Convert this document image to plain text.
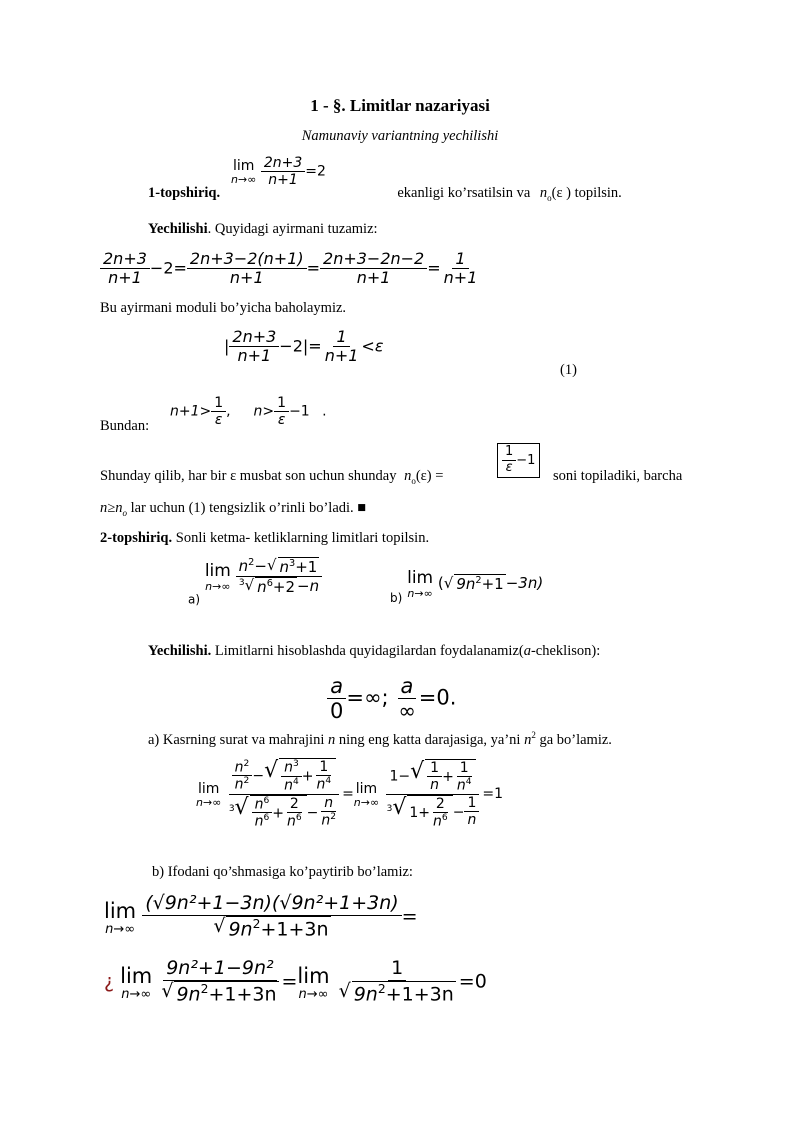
1 - §. Limitlar nazariyasi
Namunaviy variantning yechilishi
lim
n→∞
$\frac{2n+3}{n+1} =2$
1-topshiriq.	ekanligi ko’rsatilsin va $n_o(\varepsilon$ ) topilsin.
Yechilishi. Quyidagi ayirmani tuzamiz:
$\frac{2n+3}{n+1} -2= \frac{2n+3-2(n+1)}{n+1} = \frac{2n+3-2n-2}{n+1} = \frac{1}{n+1}$
Bu ayirmani moduli bo’yicha baholaymiz.
| $\frac{2n+3}{n+1} -2|= \frac{1}{n+1} <\varepsilon$
(1)
Bundan:
$n+1> \frac{1}{\varepsilon}$ , $n> \frac{1}{\varepsilon} -1$ .
Shunday qilib, har bir ε musbat son uchun shunday $n_o(\varepsilon)$ =
$\frac{1}{\varepsilon} -1$
soni topiladiki, barcha
$n\ge n_o$ lar uchun (1) tengsizlik o’rinli bo’ladi. ■
2-topshiriq. Sonli ketma- ketliklarning limitlari topilsin.
$_{a)}$
lim
n→∞
$\frac{n^2- √ n^3+1}{^3 √ n^6+2 -n}$
$_{b)}$
lim
n→∞
( √ $9n^2+1 -3n$)
Yechilishi. Limitlarni hisoblashda quyidagilardan foydalanamiz(a-cheklison):
$\frac{a}{0}$ =∞; $\frac{a}{\infty} =0$.
a) Kasrning surat va mahrajini n ning eng katta darajasiga, ya’ni $n^2$ ga bo’lamiz.
lim
n→∞
$\frac{\frac{n^2}{n^2} - √ \frac{n^3}{n^4} + \frac{1}{n^4}}{^3 √ \frac{n^6}{n^6} + \frac{2}{n^6} - \frac{n}{n^2}} = \lim$
n→∞
$\frac{1- √ \frac{1}{n} + \frac{1}{n^4}}{^3 √ 1+ \frac{2}{n^6} - \frac{1}{n}} =1$
b) Ifodani qo’shmasiga ko’paytirib bo’lamiz:
lim
n→∞
$\frac{\text{(√9n²+1−3n)(√9n²+1+3n)}}{√ 9n^2+1+3n}$ =
¿ lim
n→∞
$\frac{\text{9n²+1−9n²}}{√ 9n^2+1+3n} = \lim$
n→∞
$\frac{1}{√ 9n^2+1+3n} =0$
